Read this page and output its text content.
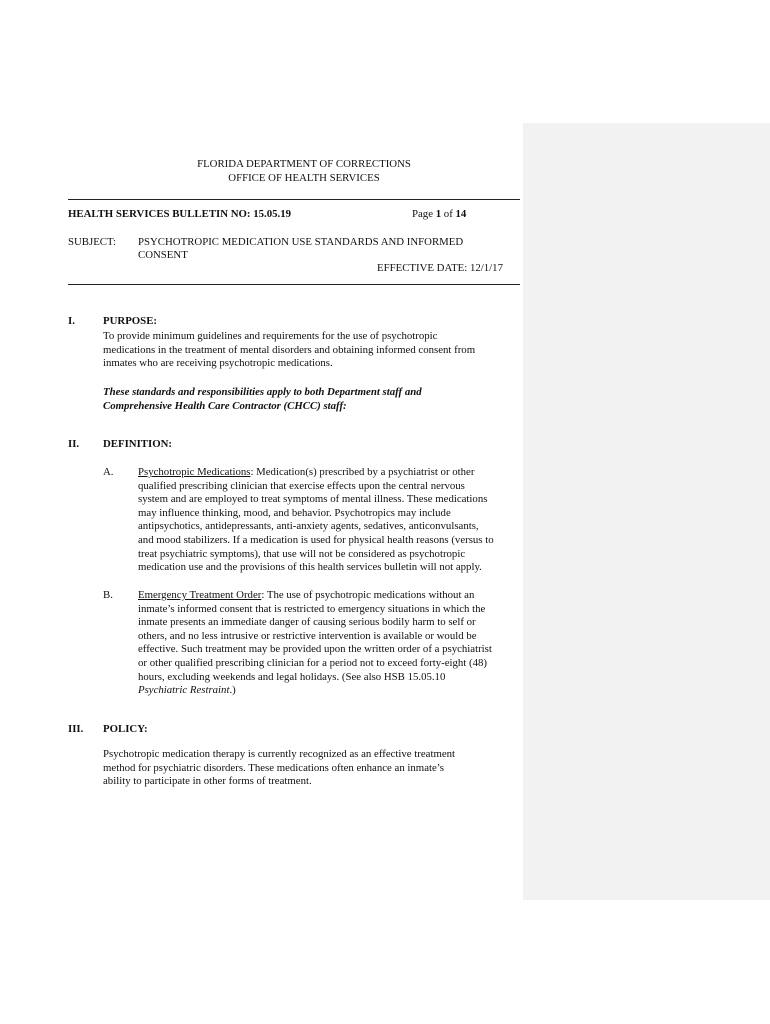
FLORIDA DEPARTMENT OF CORRECTIONS
OFFICE OF HEALTH SERVICES
HEALTH SERVICES BULLETIN NO: 15.05.19	Page 1 of 14
SUBJECT: PSYCHOTROPIC MEDICATION USE STANDARDS AND INFORMED
CONSENT
EFFECTIVE DATE: 12/1/17
I.	PURPOSE:
To provide minimum guidelines and requirements for the use of psychotropic
medications in the treatment of mental disorders and obtaining informed consent from
inmates who are receiving psychotropic medications.
These standards and responsibilities apply to both Department staff and
Comprehensive Health Care Contractor (CHCC) staff:
II. DEFINITION:
A. Psychotropic Medications: Medication(s) prescribed by a psychiatrist or other
qualified prescribing clinician that exercise effects upon the central nervous
system and are employed to treat symptoms of mental illness. These medications
may influence thinking, mood, and behavior. Psychotropics may include
antipsychotics, antidepressants, anti-anxiety agents, sedatives, anticonvulsants,
and mood stabilizers. If a medication is used for physical health reasons (versus to
treat psychiatric symptoms), that use will not be considered as psychotropic
medication use and the provisions of this health services bulletin will not apply.
B. Emergency Treatment Order: The use of psychotropic medications without an
inmate’s informed consent that is restricted to emergency situations in which the
inmate presents an immediate danger of causing serious bodily harm to self or
others, and no less intrusive or restrictive intervention is available or would be
effective. Such treatment may be provided upon the written order of a psychiatrist
or other qualified prescribing clinician for a period not to exceed forty-eight (48)
hours, excluding weekends and legal holidays. (See also HSB 15.05.10
Psychiatric Restraint.)
III. POLICY:
Psychotropic medication therapy is currently recognized as an effective treatment
method for psychiatric disorders. These medications often enhance an inmate’s
ability to participate in other forms of treatment.
